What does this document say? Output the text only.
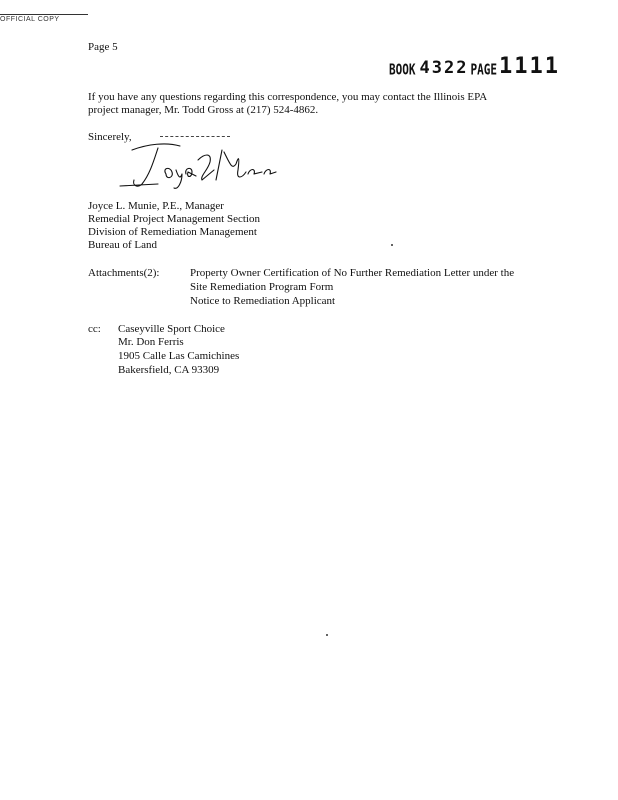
OFFICIAL COPY
Page 5
BOOK 4322 PAGE 1111
If you have any questions regarding this correspondence, you may contact the Illinois EPA
project manager, Mr. Todd Gross at (217) 524-4862.
Sincerely,
Joyce L. Munie, P.E., Manager
Remedial Project Management Section
Division of Remediation Management
Bureau of Land
Attachments(2):	Property Owner Certification of No Further Remediation Letter under the
Site Remediation Program Form
Notice to Remediation Applicant
cc: Caseyville Sport Choice
Mr. Don Ferris
1905 Calle Las Camichines
Bakersfield, CA 93309
